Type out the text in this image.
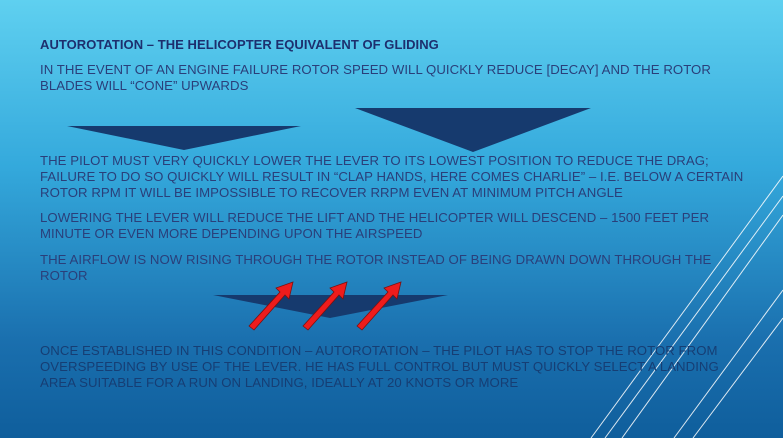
AUTOROTATION – THE HELICOPTER EQUIVALENT OF GLIDING

IN THE EVENT OF AN ENGINE FAILURE ROTOR SPEED WILL QUICKLY REDUCE [DECAY] AND THE ROTOR BLADES WILL “CONE” UPWARDS

THE PILOT MUST VERY QUICKLY LOWER THE LEVER TO ITS LOWEST POSITION TO REDUCE THE DRAG; FAILURE TO DO SO QUICKLY WILL RESULT IN “CLAP HANDS, HERE COMES CHARLIE” – I.E. BELOW A CERTAIN ROTOR RPM IT WILL BE IMPOSSIBLE TO RECOVER RRPM EVEN AT MINIMUM PITCH ANGLE

LOWERING THE LEVER WILL REDUCE THE LIFT AND THE HELICOPTER WILL DESCEND – 1500 FEET PER MINUTE OR EVEN MORE DEPENDING UPON THE AIRSPEED

THE AIRFLOW IS NOW RISING THROUGH THE ROTOR INSTEAD OF BEING DRAWN DOWN THROUGH THE ROTOR

ONCE ESTABLISHED IN THIS CONDITION – AUTOROTATION – THE PILOT HAS TO STOP THE ROTOR FROM OVERSPEEDING BY USE OF THE LEVER. HE HAS FULL CONTROL BUT MUST QUICKLY SELECT A LANDING AREA SUITABLE FOR A RUN ON LANDING, IDEALLY AT 20 KNOTS OR MORE
